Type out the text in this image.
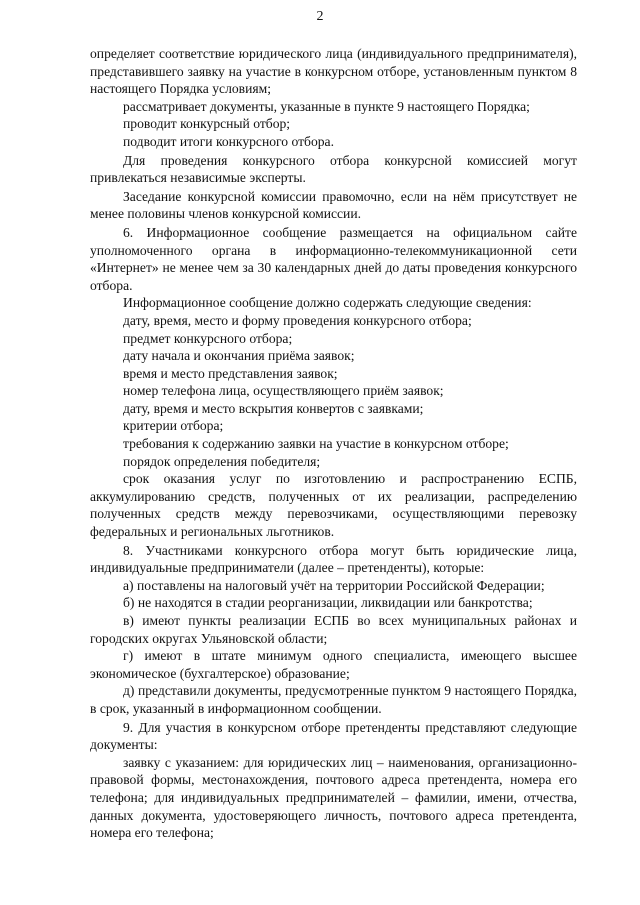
2

определяет соответствие юридического лица (индивидуального предпринимателя), представившего заявку на участие в конкурсном отборе, установленным пунктом 8 настоящего Порядка условиям;

рассматривает документы, указанные в пункте 9 настоящего Порядка;

проводит конкурсный отбор;

подводит итоги конкурсного отбора.

Для проведения конкурсного отбора конкурсной комиссией могут привлекаться независимые эксперты.

Заседание конкурсной комиссии правомочно, если на нём присутствует не менее половины членов конкурсной комиссии.

6. Информационное сообщение размещается на официальном сайте уполномоченного органа в информационно-телекоммуникационной сети «Интернет» не менее чем за 30 календарных дней до даты проведения конкурсного отбора.

Информационное сообщение должно содержать следующие сведения:

дату, время, место и форму проведения конкурсного отбора;

предмет конкурсного отбора;

дату начала и окончания приёма заявок;

время и место представления заявок;

номер телефона лица, осуществляющего приём заявок;

дату, время и место вскрытия конвертов с заявками;

критерии отбора;

требования к содержанию заявки на участие в конкурсном отборе;

порядок определения победителя;

срок оказания услуг по изготовлению и распространению ЕСПБ, аккумулированию средств, полученных от их реализации, распределению полученных средств между перевозчиками, осуществляющими перевозку федеральных и региональных льготников.

8. Участниками конкурсного отбора могут быть юридические лица, индивидуальные предприниматели (далее – претенденты), которые:

а) поставлены на налоговый учёт на территории Российской Федерации;

б) не находятся в стадии реорганизации, ликвидации или банкротства;

в) имеют пункты реализации ЕСПБ во всех муниципальных районах и городских округах Ульяновской области;

г) имеют в штате минимум одного специалиста, имеющего высшее экономическое (бухгалтерское) образование;

д) представили документы, предусмотренные пунктом 9 настоящего Порядка, в срок, указанный в информационном сообщении.

9. Для участия в конкурсном отборе претенденты представляют следующие документы:

заявку с указанием: для юридических лиц – наименования, организационно-правовой формы, местонахождения, почтового адреса претендента, номера его телефона; для индивидуальных предпринимателей – фамилии, имени, отчества, данных документа, удостоверяющего личность, почтового адреса претендента, номера его телефона;
